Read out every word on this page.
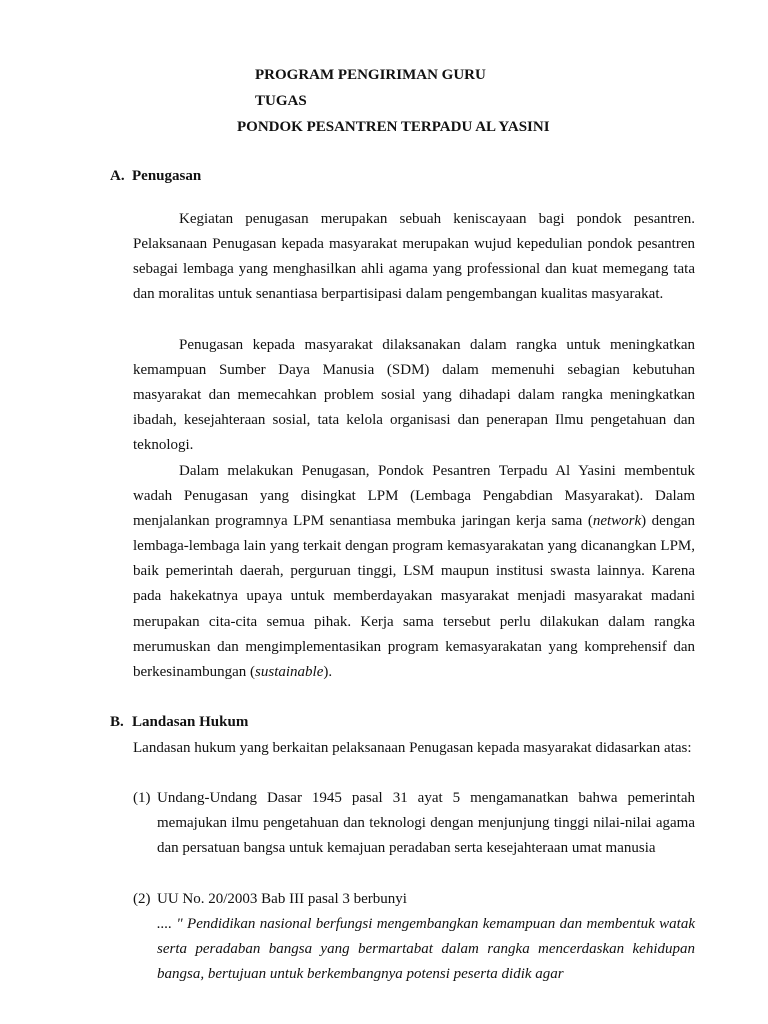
PROGRAM PENGIRIMAN GURU
TUGAS
PONDOK PESANTREN TERPADU AL YASINI
A. Penugasan

Kegiatan penugasan merupakan sebuah keniscayaan bagi pondok pesantren. Pelaksanaan Penugasan kepada masyarakat merupakan wujud kepedulian pondok pesantren sebagai lembaga yang menghasilkan ahli agama yang professional dan kuat memegang tata dan moralitas untuk senantiasa berpartisipasi dalam pengembangan kualitas masyarakat.

Penugasan kepada masyarakat dilaksanakan dalam rangka untuk meningkatkan kemampuan Sumber Daya Manusia (SDM) dalam memenuhi sebagian kebutuhan masyarakat dan memecahkan problem sosial yang dihadapi dalam rangka meningkatkan ibadah, kesejahteraan sosial, tata kelola organisasi dan penerapan Ilmu pengetahuan dan teknologi.

Dalam melakukan Penugasan, Pondok Pesantren Terpadu Al Yasini membentuk wadah Penugasan yang disingkat LPM (Lembaga Pengabdian Masyarakat). Dalam menjalankan programnya LPM senantiasa membuka jaringan kerja sama (network) dengan lembaga-lembaga lain yang terkait dengan program kemasyarakatan yang dicanangkan LPM, baik pemerintah daerah, perguruan tinggi, LSM maupun institusi swasta lainnya. Karena pada hakekatnya upaya untuk memberdayakan masyarakat menjadi masyarakat madani merupakan cita-cita semua pihak. Kerja sama tersebut perlu dilakukan dalam rangka merumuskan dan mengimplementasikan program kemasyarakatan yang komprehensif dan berkesinambungan (sustainable).

B. Landasan Hukum

Landasan hukum yang berkaitan pelaksanaan Penugasan kepada masyarakat didasarkan atas:

(1) Undang-Undang Dasar 1945 pasal 31 ayat 5 mengamanatkan bahwa pemerintah memajukan ilmu pengetahuan dan teknologi dengan menjunjung tinggi nilai-nilai agama dan persatuan bangsa untuk kemajuan peradaban serta kesejahteraan umat manusia

(2) UU No. 20/2003 Bab III pasal 3 berbunyi

.... " Pendidikan nasional berfungsi mengembangkan kemampuan dan membentuk watak serta peradaban bangsa yang bermartabat dalam rangka mencerdaskan kehidupan bangsa, bertujuan untuk berkembangnya potensi peserta didik agar
